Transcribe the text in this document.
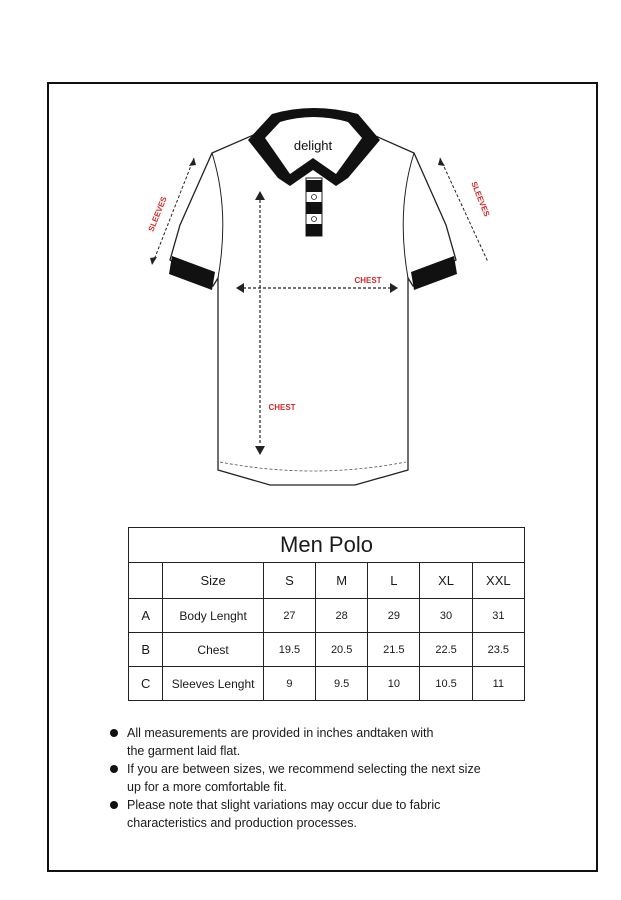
delight
SLEEVES	SLEEVES
CHEST
CHEST
Men Polo						
	Size	S	M	L	XL	XXL
A	Body Lenght	27	28	29	30	31
B	Chest	19.5	20.5	21.5	22.5	23.5
C	Sleeves Lenght	9	9.5	10	10.5	11
All measurements are provided in inches andtaken with
the garment laid flat.
If you are between sizes, we recommend selecting the next size
up for a more comfortable fit.
Please note that slight variations may occur due to fabric
characteristics and production processes.
